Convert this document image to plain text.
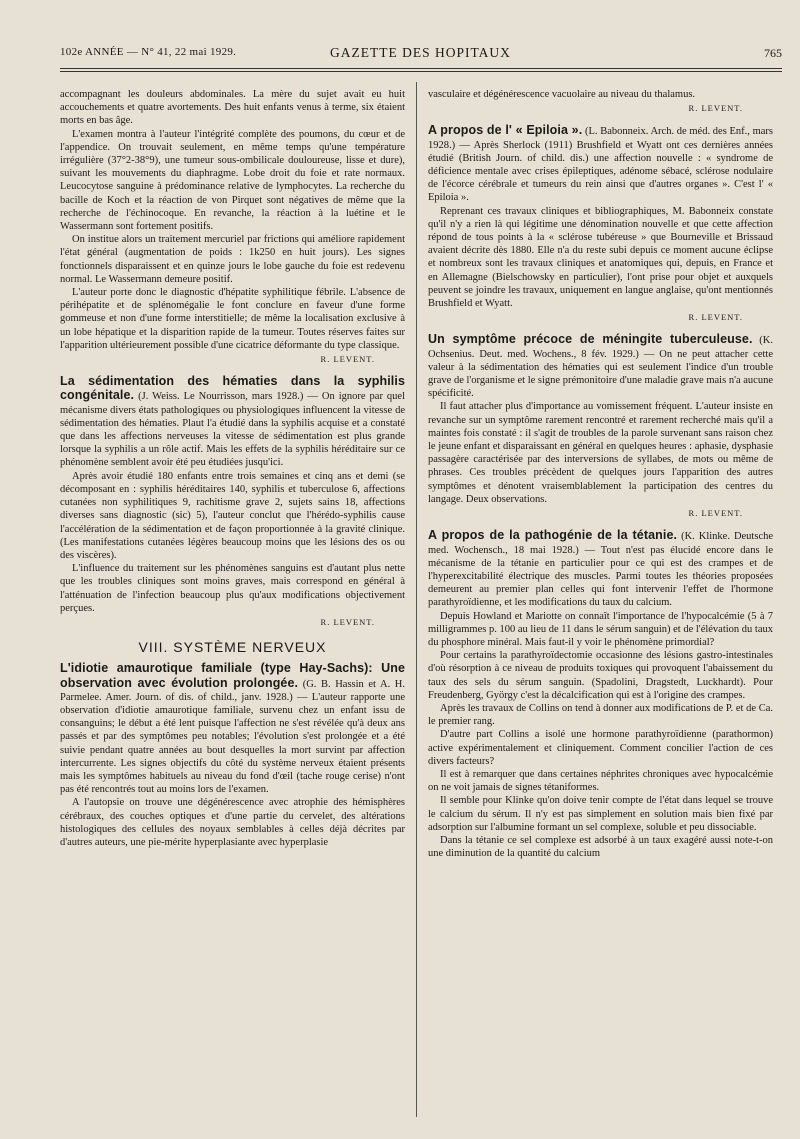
102e ANNÉE — N° 41, 22 mai 1929.	GAZETTE DES HOPITAUX	765

accompagnant les douleurs abdominales. La mère du sujet avait eu huit accouchements et quatre avortements. Des huit enfants venus à terme, six étaient morts en bas âge.

L'examen montra à l'auteur l'intégrité complète des poumons, du cœur et de l'appendice. On trouvait seulement, en même temps qu'une température irrégulière (37°2-38°9), une tumeur sous-ombilicale douloureuse, lisse et dure), suivant les mouvements du diaphragme. Lobe droit du foie et rate normaux. Leucocytose sanguine à prédominance relative de lymphocytes. La recherche du bacille de Koch et la réaction de von Pirquet sont négatives de même que la recherche de l'échinocoque. En revanche, la réaction à la luétine et le Wassermann sont fortement positifs.

On institue alors un traitement mercuriel par frictions qui améliore rapidement l'état général (augmentation de poids : 1k250 en huit jours). Les signes fonctionnels disparaissent et en quinze jours le lobe gauche du foie est redevenu normal. Le Wassermann demeure positif.

L'auteur porte donc le diagnostic d'hépatite syphilitique fébrile. L'absence de périhépatite et de splénomégalie le font conclure en faveur d'une forme gommeuse et non d'une forme interstitielle; de même la localisation exclusive à un lobe hépatique et la disparition rapide de la tumeur. Toutes réserves faites sur l'apparition ultérieurement possible d'une cicatrice déformante du type classique.

R. LEVENT.

La sédimentation des hématies dans la syphilis congénitale. (J. Weiss. Le Nourrisson, mars 1928.) — On ignore par quel mécanisme divers états pathologiques ou physiologiques influencent la vitesse de sédimentation des hématies. Plaut l'a étudié dans la syphilis acquise et a constaté que dans les affections nerveuses la vitesse de sédimentation est plus grande lorsque la syphilis a un rôle actif. Mais les effets de la syphilis héréditaire sur ce phénomène semblent avoir été peu étudiées jusqu'ici.

Après avoir étudié 180 enfants entre trois semaines et cinq ans et demi (se décomposant en : syphilis héréditaires 140, syphilis et tuberculose 6, affections cutanées non syphilitiques 9, rachitisme grave 2, sujets sains 18, affections diverses sans diagnostic (sic) 5), l'auteur conclut que l'hérédo-syphilis cause l'accélération de la sédimentation et de façon proportionnée à la gravité clinique. (Les manifestations cutanées légères beaucoup moins que les lésions des os ou des viscères).

L'influence du traitement sur les phénomènes sanguins est d'autant plus nette que les troubles cliniques sont moins graves, mais correspond en général à l'atténuation de l'infection beaucoup plus qu'aux modifications objectivement perçues.

R. LEVENT.

VIII. SYSTÈME NERVEUX

L'idiotie amaurotique familiale (type Hay-Sachs): Une observation avec évolution prolongée. (G. B. Hassin et A. H. Parmelee. Amer. Journ. of dis. of child., janv. 1928.) — L'auteur rapporte une observation d'idiotie amaurotique familiale, survenu chez un enfant issu de consanguins; le début a été lent puisque l'affection ne s'est révélée qu'à deux ans passés et par des symptômes peu notables; l'évolution s'est prolongée et a été suivie pendant quatre années au bout desquelles la mort survint par affection intercurrente. Les signes objectifs du côté du système nerveux étaient présents mais les symptômes habituels au niveau du fond d'œil (tache rouge cerise) n'ont pas été rencontrés tout au moins lors de l'examen.

A l'autopsie on trouve une dégénérescence avec atrophie des hémisphères cérébraux, des couches optiques et d'une partie du cervelet, des altérations histologiques des cellules des noyaux semblables à celles déjà décrites par d'autres auteurs, une pie-mérite hyperplasiante avec hyperplasie

vasculaire et dégénérescence vacuolaire au niveau du thalamus.

R. LEVENT.

A propos de l' « Epiloia ». (L. Babonneix. Arch. de méd. des Enf., mars 1928.) — Après Sherlock (1911) Brushfield et Wyatt ont ces dernières années étudié (British Journ. of child. dis.) une affection nouvelle : « syndrome de déficience mentale avec crises épileptiques, adénome sébacé, sclérose nodulaire de l'écorce cérébrale et tumeurs du rein ainsi que d'autres organes ». C'est l' « Epiloia ».

Reprenant ces travaux cliniques et bibliographiques, M. Babonneix constate qu'il n'y a rien là qui légitime une dénomination nouvelle et que cette affection répond de tous points à la « sclérose tubéreuse » que Bourneville et Brissaud avaient décrite dès 1880. Elle n'a du reste subi depuis ce moment aucune éclipse et nombreux sont les travaux cliniques et anatomiques qui, depuis, en France et en Allemagne (Bielschowsky en particulier), l'ont prise pour objet et auxquels peuvent se joindre les travaux, uniquement en langue anglaise, qu'ont mentionnés Brushfield et Wyatt.

R. LEVENT.

Un symptôme précoce de méningite tuberculeuse. (K. Ochsenius. Deut. med. Wochens., 8 fév. 1929.) — On ne peut attacher cette valeur à la sédimentation des hématies qui est seulement l'indice d'un trouble grave de l'organisme et le signe prémonitoire d'une maladie grave mais n'a aucune spécificité.

Il faut attacher plus d'importance au vomissement fréquent. L'auteur insiste en revanche sur un symptôme rarement rencontré et rarement recherché mais qu'il a maintes fois constaté : il s'agit de troubles de la parole survenant sans raison chez le jeune enfant et disparaissant en général en quelques heures : aphasie, dysphasie passagère caractérisée par des interversions de syllabes, de mots ou même de phrases. Ces troubles précèdent de quelques jours l'apparition des autres symptômes et dénotent vraisemblablement la participation des centres du langage. Deux observations.

R. LEVENT.

A propos de la pathogénie de la tétanie. (K. Klinke. Deutsche med. Wochensch., 18 mai 1928.) — Tout n'est pas élucidé encore dans le mécanisme de la tétanie en particulier pour ce qui est des crampes et de l'hyperexcitabilité électrique des muscles. Parmi toutes les théories proposées demeurent au premier plan celles qui font intervenir l'effet de l'hormone parathyroïdienne, et les modifications du taux du calcium.

Depuis Howland et Mariotte on connaît l'importance de l'hypocalcémie (5 à 7 milligrammes p. 100 au lieu de 11 dans le sérum sanguin) et de l'élévation du taux du phosphore minéral. Mais faut-il y voir le phénomène primordial?

Pour certains la parathyroïdectomie occasionne des lésions gastro-intestinales d'où résorption à ce niveau de produits toxiques qui provoquent l'abaissement du taux des sels du sérum sanguin. (Spadolini, Dragstedt, Luckhardt). Pour Freudenberg, György c'est la décalcification qui est à l'origine des crampes.

Après les travaux de Collins on tend à donner aux modifications de P. et de Ca. le premier rang.

D'autre part Collins a isolé une hormone parathyroïdienne (parathormon) active expérimentalement et cliniquement. Comment concilier l'action de ces divers facteurs?

Il est à remarquer que dans certaines néphrites chroniques avec hypocalcémie on ne voit jamais de signes tétaniformes.

Il semble pour Klinke qu'on doive tenir compte de l'état dans lequel se trouve le calcium du sérum. Il n'y est pas simplement en solution mais bien fixé par adsorption sur l'albumine formant un sel complexe, soluble et peu dissociable.

Dans la tétanie ce sel complexe est adsorbé à un taux exagéré aussi note-t-on une diminution de la quantité du calcium
